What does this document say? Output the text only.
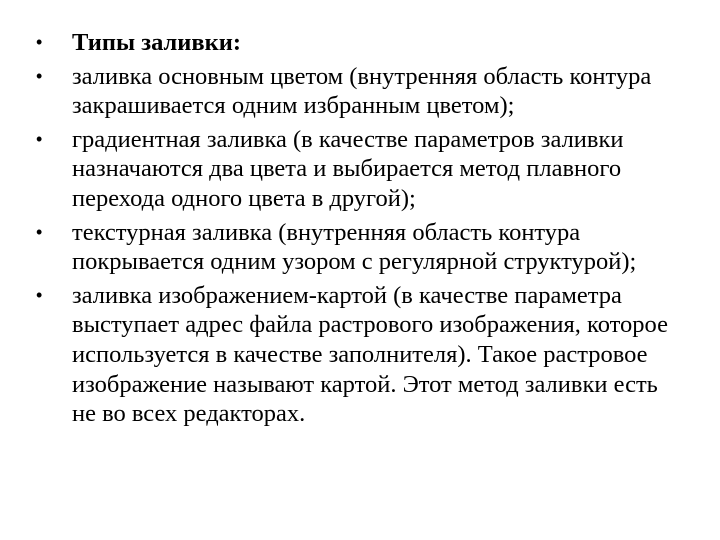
•	Типы заливки:
•	заливка основным цветом (внутренняя область контура закрашивается одним избранным цветом);
•	градиентная заливка (в качестве параметров заливки назначаются два цвета и выбирается метод плавного перехода одного цвета в другой);
•	текстурная заливка (внутренняя область контура покрывается одним узором с регулярной структурой);
•	заливка изображением-картой (в качестве параметра выступает адрес файла растрового изображения, которое используется в качестве заполнителя). Такое растровое изображение называют картой. Этот метод заливки есть не во всех редакторах.
